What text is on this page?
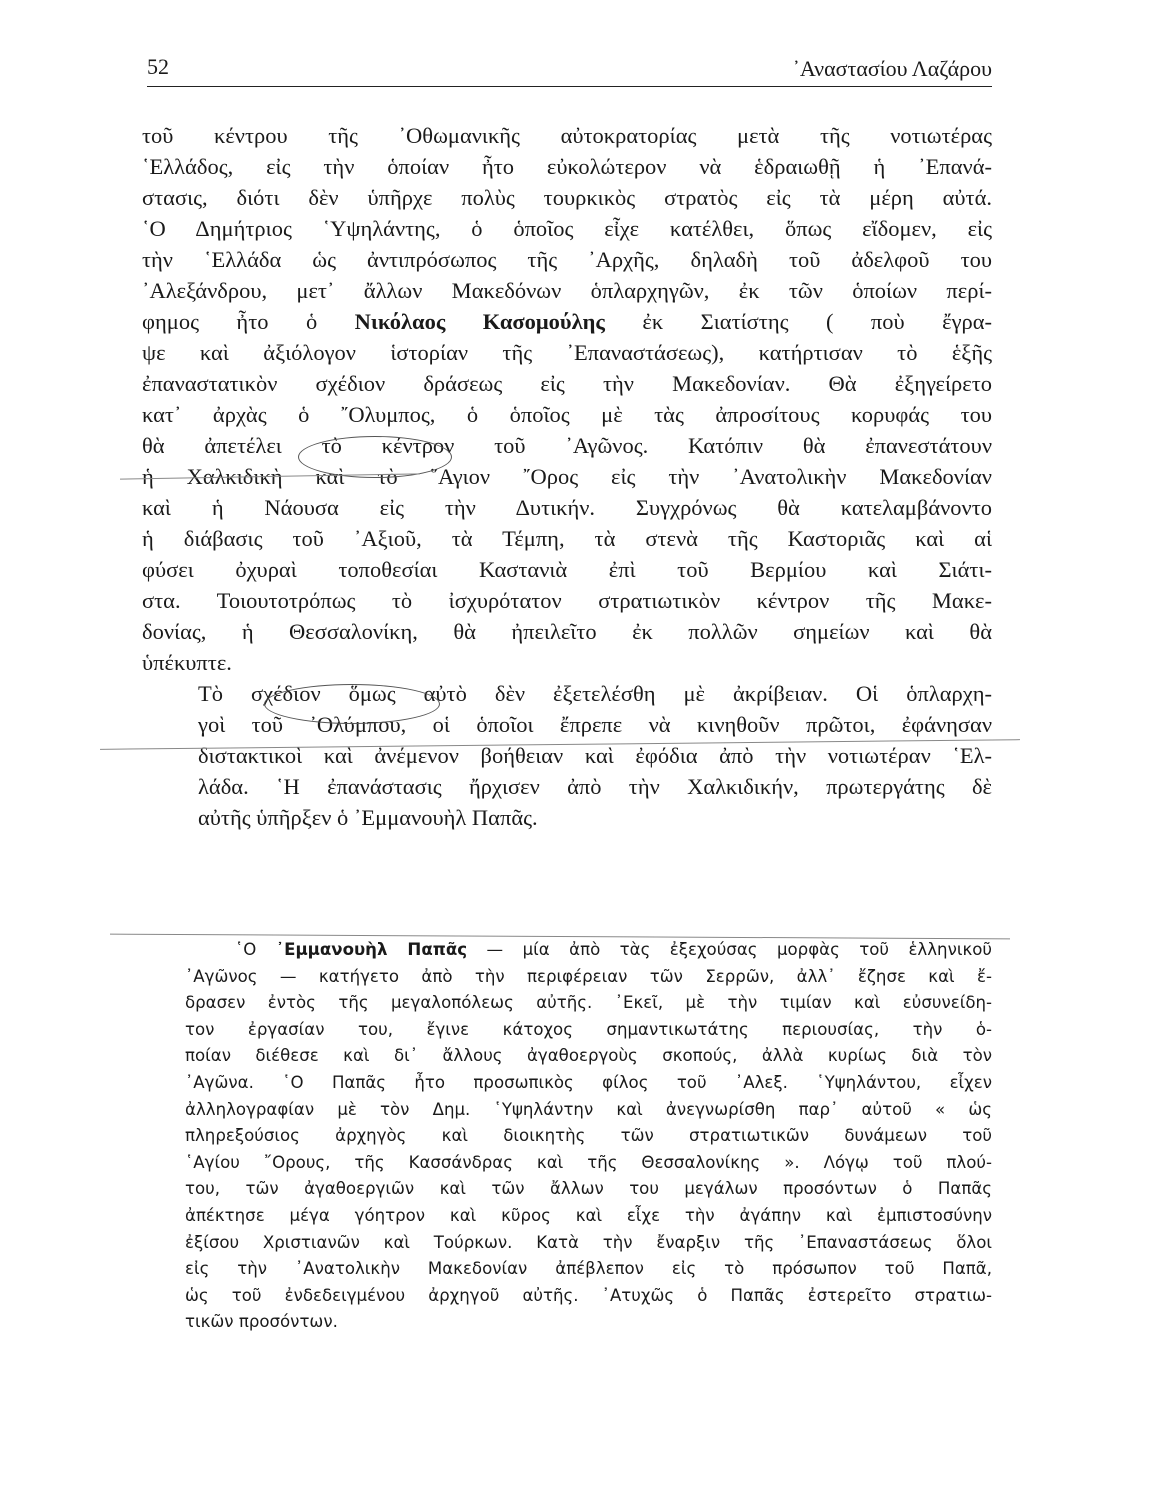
52	᾿Αναστασίου Λαζάρου

τοῦ κέντρου τῆς ᾿Οθωμανικῆς αὐτοκρατορίας μετὰ τῆς νοτιωτέρας
῾Ελλάδος, εἰς τὴν ὁποίαν ἦτο εὐκολώτερον νὰ ἑδραιωθῇ ἡ ᾿Επανά-
στασις, διότι δὲν ὑπῆρχε πολὺς τουρκικὸς στρατὸς εἰς τὰ μέρη αὐτά.
῾Ο Δημήτριος ῾Υψηλάντης, ὁ ὁποῖος εἶχε κατέλθει, ὅπως εἴδομεν, εἰς
τὴν ῾Ελλάδα ὡς ἀντιπρόσωπος τῆς ᾿Αρχῆς, δηλαδὴ τοῦ ἀδελφοῦ του
᾿Αλεξάνδρου, μετ᾿ ἄλλων Μακεδόνων ὁπλαρχηγῶν, ἐκ τῶν ὁποίων περί-
φημος ἦτο ὁ Νικόλαος Κασομούλης ἐκ Σιατίστης ( ποὺ ἔγρα-
ψε καὶ ἀξιόλογον ἱστορίαν τῆς ᾿Επαναστάσεως), κατήρτισαν τὸ ἑξῆς
ἐπαναστατικὸν σχέδιον δράσεως εἰς τὴν Μακεδονίαν. Θὰ ἐξηγείρετο
κατ᾿ ἀρχὰς ὁ ῎Ολυμπος, ὁ ὁποῖος μὲ τὰς ἀπροσίτους κορυφάς του
θὰ ἀπετέλει τὸ κέντρον τοῦ ᾿Αγῶνος. Κατόπιν θὰ ἐπανεστάτουν
ἡ Χαλκιδικὴ καὶ τὸ ῞Αγιον ῎Ορος εἰς τὴν ᾿Ανατολικὴν Μακεδονίαν
καὶ ἡ Νάουσα εἰς τὴν Δυτικήν. Συγχρόνως θὰ κατελαμβάνοντο
ἡ διάβασις τοῦ ᾿Αξιοῦ, τὰ Τέμπη, τὰ στενὰ τῆς Καστοριᾶς καὶ αἱ
φύσει ὀχυραὶ τοποθεσίαι Καστανιὰ ἐπὶ τοῦ Βερμίου καὶ Σιάτι-
στα. Τοιουτοτρόπως τὸ ἰσχυρότατον στρατιωτικὸν κέντρον τῆς Μακε-
δονίας, ἡ Θεσσαλονίκη, θὰ ἠπειλεῖτο ἐκ πολλῶν σημείων καὶ θὰ
ὑπέκυπτε.

Τὸ σχέδιον ὅμως αὐτὸ δὲν ἐξετελέσθη μὲ ἀκρίβειαν. Οἱ ὁπλαρχη-
γοὶ τοῦ ᾿Ολύμπου, οἱ ὁποῖοι ἔπρεπε νὰ κινηθοῦν πρῶτοι, ἐφάνησαν
διστακτικοὶ καὶ ἀνέμενον βοήθειαν καὶ ἐφόδια ἀπὸ τὴν νοτιωτέραν ῾Ελ-
λάδα. ῾Η ἐπανάστασις ἤρχισεν ἀπὸ τὴν Χαλκιδικήν, πρωτεργάτης δὲ
αὐτῆς ὑπῆρξεν ὁ ᾿Εμμανουὴλ Παπᾶς.

῾Ο ᾿Εμμανουὴλ Παπᾶς — μία ἀπὸ τὰς ἐξεχούσας μορφὰς τοῦ ἑλληνικοῦ
᾿Αγῶνος — κατήγετο ἀπὸ τὴν περιφέρειαν τῶν Σερρῶν, ἀλλ᾿ ἔζησε καὶ ἔ-
δρασεν ἐντὸς τῆς μεγαλοπόλεως αὐτῆς. ᾿Εκεῖ, μὲ τὴν τιμίαν καὶ εὐσυνείδη-
τον ἐργασίαν του, ἔγινε κάτοχος σημαντικωτάτης περιουσίας, τὴν ὁ-
ποίαν διέθεσε καὶ δι᾿ ἄλλους ἀγαθοεργοὺς σκοπούς, ἀλλὰ κυρίως διὰ τὸν
᾿Αγῶνα. ῾Ο Παπᾶς ἦτο προσωπικὸς φίλος τοῦ ᾿Αλεξ. ῾Υψηλάντου, εἶχεν
ἀλληλογραφίαν μὲ τὸν Δημ. ῾Υψηλάντην καὶ ἀνεγνωρίσθη παρ᾿ αὐτοῦ « ὡς
πληρεξούσιος ἀρχηγὸς καὶ διοικητὴς τῶν στρατιωτικῶν δυνάμεων τοῦ
῾Αγίου ῎Ορους, τῆς Κασσάνδρας καὶ τῆς Θεσσαλονίκης ». Λόγῳ τοῦ πλού-
του, τῶν ἀγαθοεργιῶν καὶ τῶν ἄλλων του μεγάλων προσόντων ὁ Παπᾶς
ἀπέκτησε μέγα γόητρον καὶ κῦρος καὶ εἶχε τὴν ἀγάπην καὶ ἐμπιστοσύνην
ἐξίσου Χριστιανῶν καὶ Τούρκων. Κατὰ τὴν ἔναρξιν τῆς ᾿Επαναστάσεως ὅλοι
εἰς τὴν ᾿Ανατολικὴν Μακεδονίαν ἀπέβλεπον εἰς τὸ πρόσωπον τοῦ Παπᾶ,
ὡς τοῦ ἐνδεδειγμένου ἀρχηγοῦ αὐτῆς. ᾿Ατυχῶς ὁ Παπᾶς ἐστερεῖτο στρατιω-
τικῶν προσόντων.
